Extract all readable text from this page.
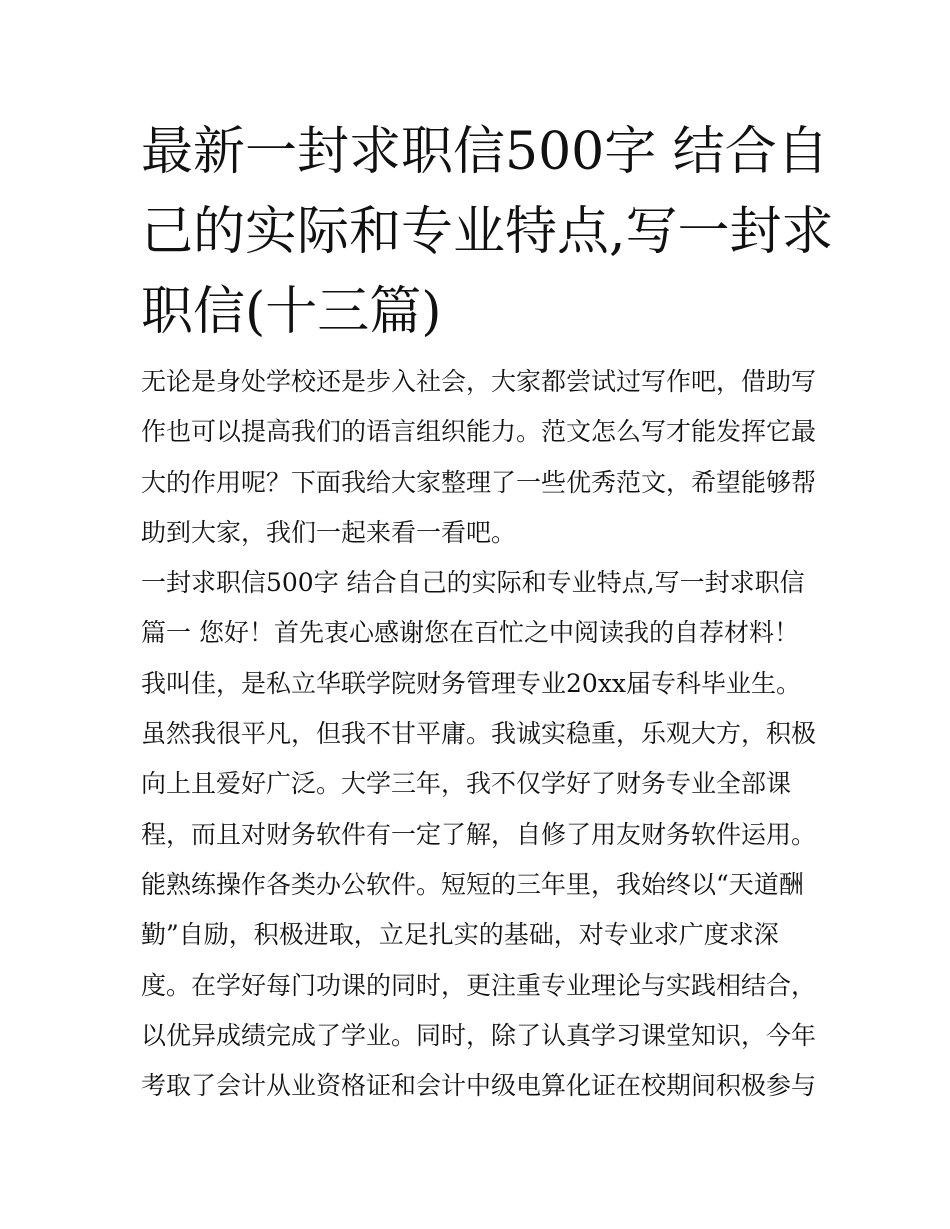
最新一封求职信500字 结合自
己的实际和专业特点,写一封求
职信(十三篇)
无论是身处学校还是步入社会，大家都尝试过写作吧，借助写
作也可以提高我们的语言组织能力。范文怎么写才能发挥它最
大的作用呢？下面我给大家整理了一些优秀范文，希望能够帮
助到大家，我们一起来看一看吧。
一封求职信500字 结合自己的实际和专业特点,写一封求职信
篇一 您好！首先衷心感谢您在百忙之中阅读我的自荐材料！
我叫佳，是私立华联学院财务管理专业20xx届专科毕业生。
虽然我很平凡，但我不甘平庸。我诚实稳重，乐观大方，积极
向上且爱好广泛。大学三年，我不仅学好了财务专业全部课
程，而且对财务软件有一定了解，自修了用友财务软件运用。
能熟练操作各类办公软件。短短的三年里，我始终以“天道酬
勤”自励，积极进取，立足扎实的基础，对专业求广度求深
度。在学好每门功课的同时，更注重专业理论与实践相结合，
以优异成绩完成了学业。同时，除了认真学习课堂知识，今年
考取了会计从业资格证和会计中级电算化证在校期间积极参与
